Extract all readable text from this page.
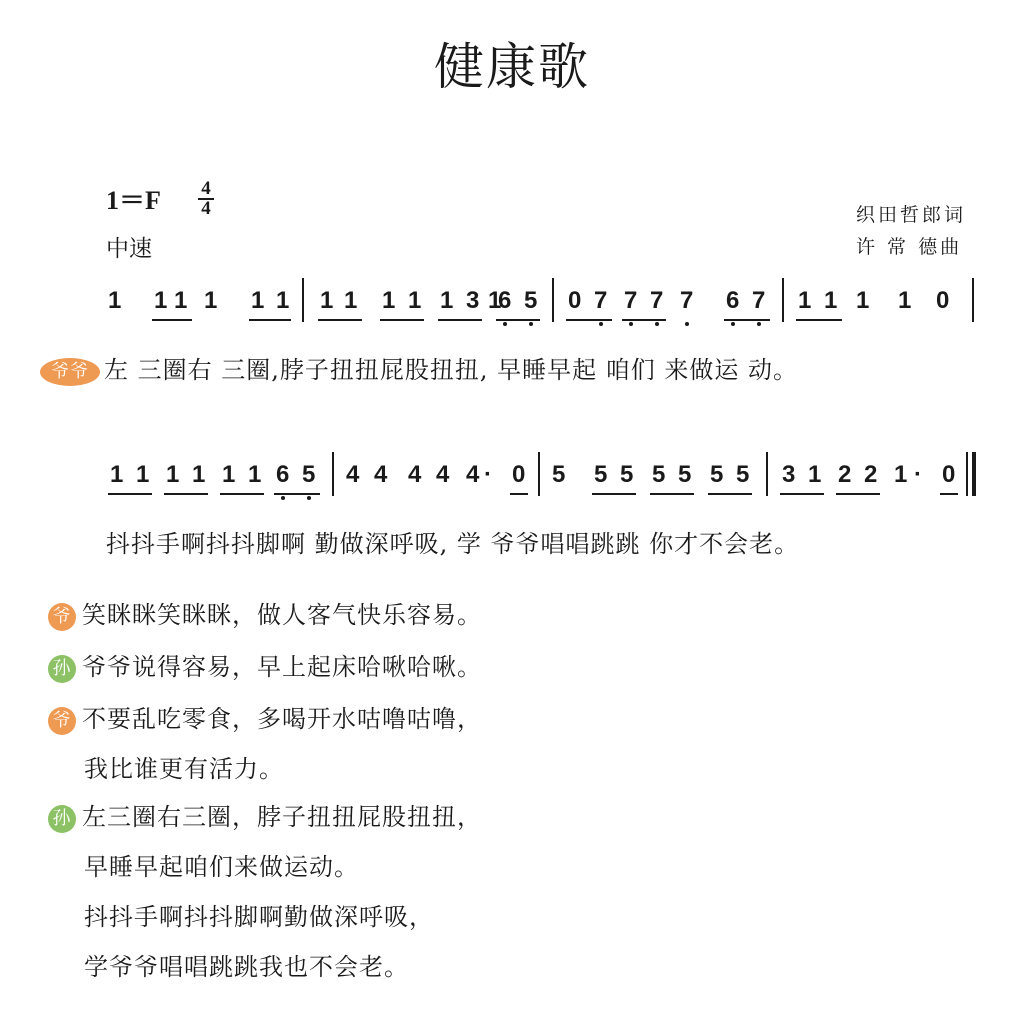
健康歌
1＝F 4
4
中速
织田哲郎词
许 常 德曲
1 1 1 1 1 1 1 1 1 1 1 3 1
6 5 0 7 7 7 7 6 7 1 1 1 1 0
爷爷 左 三圈右 三圈,脖子扭扭屁股扭扭, 早睡早起 咱们 来做运 动。
1 1 1 1 1 1 6 5 4 4 4 4 4 · 0 5 5 5 5 5 5 5 3 1 2 2 1 · 0
抖抖手啊抖抖脚啊 勤做深呼吸, 学 爷爷唱唱跳跳 你才不会老。
爷 笑眯眯笑眯眯，做人客气快乐容易。
孙 爷爷说得容易，早上起床哈啾哈啾。
爷 不要乱吃零食，多喝开水咕噜咕噜，
我比谁更有活力。
孙 左三圈右三圈，脖子扭扭屁股扭扭，
早睡早起咱们来做运动。
抖抖手啊抖抖脚啊勤做深呼吸，
学爷爷唱唱跳跳我也不会老。
